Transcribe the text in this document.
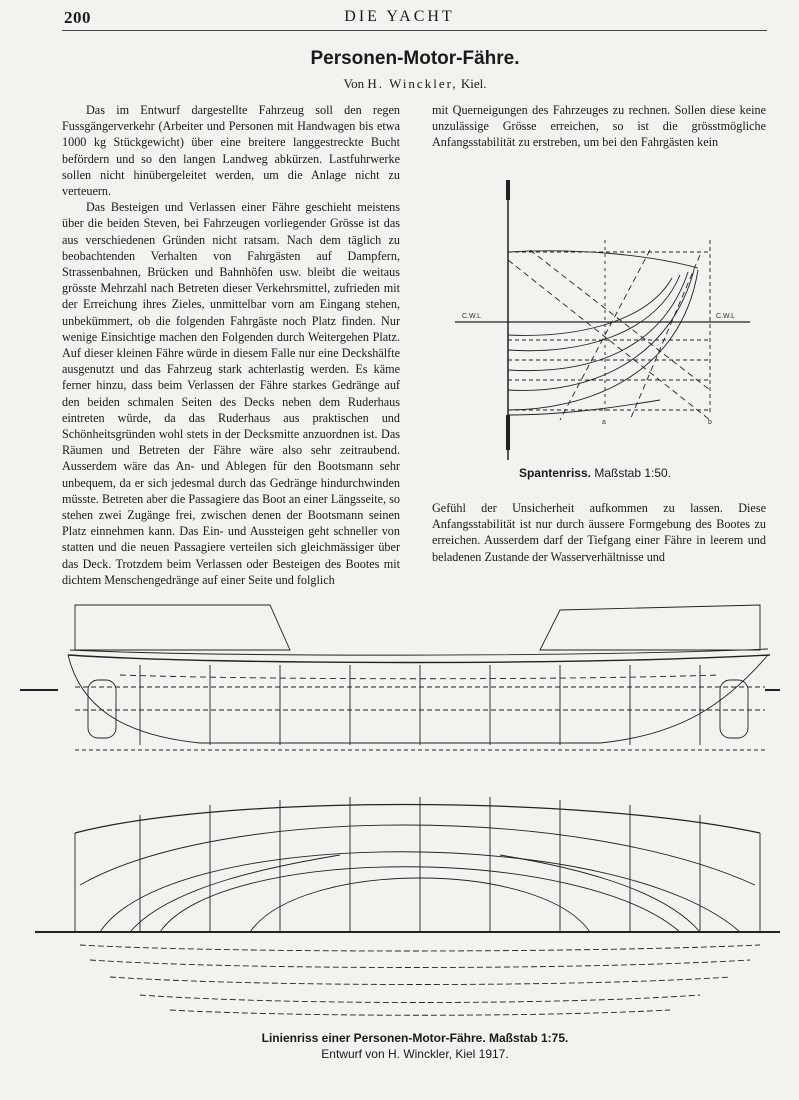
200	DIE YACHT
Personen-Motor-Fähre.
Von H. Winckler, Kiel.

Das im Entwurf dargestellte Fahrzeug soll den regen Fussgängerverkehr (Arbeiter und Personen mit Handwagen bis etwa 1000 kg Stückgewicht) über eine breitere langgestreckte Bucht befördern und so den langen Landweg abkürzen. Lastfuhrwerke sollen nicht hinübergeleitet werden, um die Anlage nicht zu verteuern.

Das Besteigen und Verlassen einer Fähre geschieht meistens über die beiden Steven, bei Fahrzeugen vorliegender Grösse ist das aus verschiedenen Gründen nicht ratsam. Nach dem täglich zu beobachtenden Verhalten von Fahrgästen auf Dampfern, Strassenbahnen, Brücken und Bahnhöfen usw. bleibt die weitaus grösste Mehrzahl nach Betreten dieser Verkehrsmittel, zufrieden mit der Erreichung ihres Zieles, unmittelbar vorn am Eingang stehen, unbekümmert, ob die folgenden Fahrgäste noch Platz finden. Nur wenige Einsichtige machen den Folgenden durch Weitergehen Platz. Auf dieser kleinen Fähre würde in diesem Falle nur eine Deckshälfte ausgenutzt und das Fahrzeug stark achterlastig werden. Es käme ferner hinzu, dass beim Verlassen der Fähre starkes Gedränge auf den beiden schmalen Seiten des Decks neben dem Ruderhaus eintreten würde, da das Ruderhaus aus praktischen und Schönheitsgründen wohl stets in der Decksmitte anzuordnen ist. Das Räumen und Betreten der Fähre wäre also sehr zeitraubend. Ausserdem wäre das An- und Ablegen für den Bootsmann sehr unbequem, da er sich jedesmal durch das Gedränge hindurchwinden müsste. Betreten aber die Passagiere das Boot an einer Längsseite, so stehen zwei Zugänge frei, zwischen denen der Bootsmann seinen Platz einnehmen kann. Das Ein- und Aussteigen geht schneller von statten und die neuen Passagiere verteilen sich gleichmässiger über das Deck. Trotzdem beim Verlassen oder Besteigen des Bootes mit dichtem Menschengedränge auf einer Seite und folglich

mit Querneigungen des Fahrzeuges zu rechnen. Sollen diese keine unzulässige Grösse erreichen, so ist die grösstmögliche Anfangsstabilität zu erstreben, um bei den Fahrgästen kein

C.W.L	C.W.L
a	b
Spantenriss. Maßstab 1:50.

Gefühl der Unsicherheit aufkommen zu lassen. Diese Anfangsstabilität ist nur durch äussere Formgebung des Bootes zu erreichen. Ausserdem darf der Tiefgang einer Fähre in leerem und beladenen Zustande der Wasserverhältnisse und

Linienriss einer Personen-Motor-Fähre. Maßstab 1:75.
Entwurf von H. Winckler, Kiel 1917.
